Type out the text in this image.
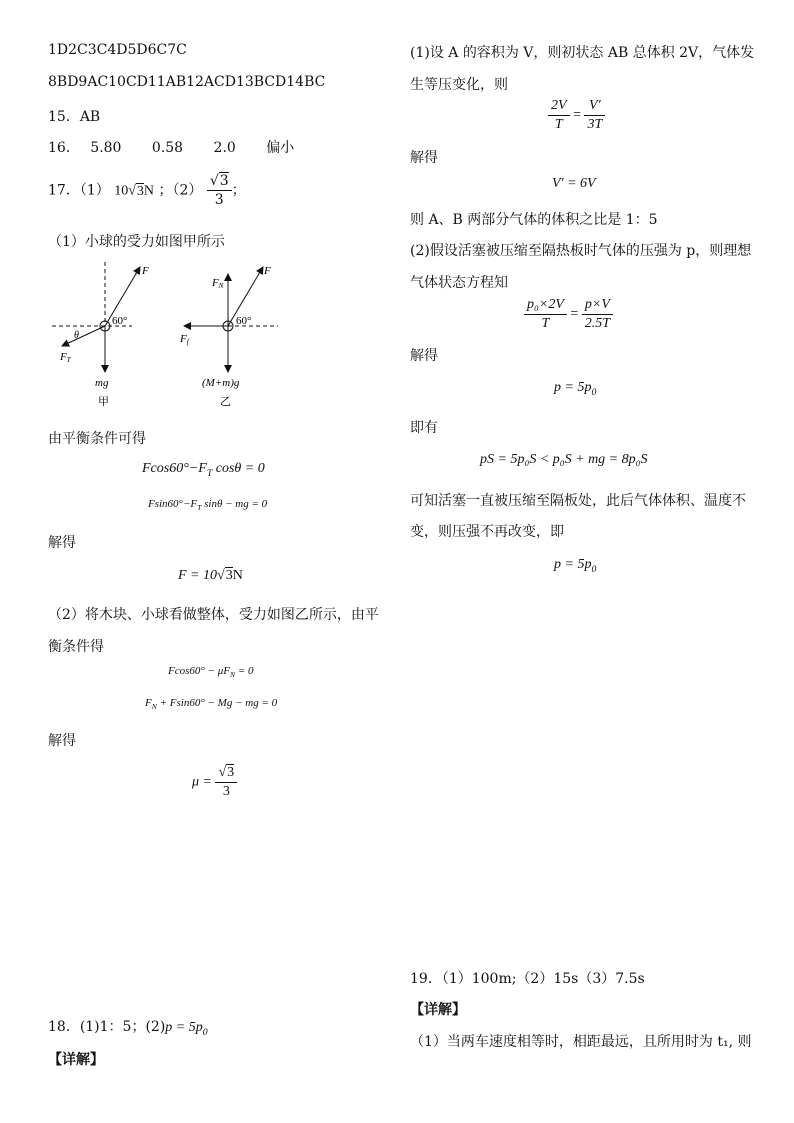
1D2C3C4D5D6C7C
8BD9AC10CD11AB12ACD13BCD14BC
15．AB
16． 5.80 0.58 2.0 偏小
17．（1） 10√3N ；$(2) \frac{√3}{3}$ ；
（1）小球的受力如图甲所示
F
60°
θ
FT
mg
甲
F
60°
FN
Ff
(M+m)g
乙
由平衡条件可得
$Fcos60^\circ-F_T$ cosθ = 0
$Fsin60^\circ-F_T$ sinθ − mg = 0
解得
F = 10√3N
（2）将木块、小球看做整体，受力如图乙所示，由平
衡条件得
$Fcos60^\circ - \mu F_N = 0$
$F_N + Fsin60^\circ - Mg$ − mg = 0
解得
$\mu = \frac{√3}{3}$
18．(1)1：5；$(2)p = 5p_0$
【详解】
(1)设 A 的容积为 V，则初状态 AB 总体积 2V，气体发
生等压变化，则
$\frac{2V}{T} = \frac{V'}{3T}$
解得
V′ = 6V
则 A、B 两部分气体的体积之比是 1：5
(2)假设活塞被压缩至隔热板时气体的压强为 p，则理想
气体状态方程知
$\frac{\text{p₀×2V}}{T} = \frac{p\times V}{2.5T}$
解得
$p = 5p_0$
即有
pS = 5p₀S < p₀S + mg = 8p₀S
可知活塞一直被压缩至隔板处，此后气体体积、温度不
变，则压强不再改变，即
$p = 5p_0$
19．（1）100m;（2）15s（3）7.5s
【详解】
（1）当两车速度相等时，相距最远，且所用时为 t₁, 则
